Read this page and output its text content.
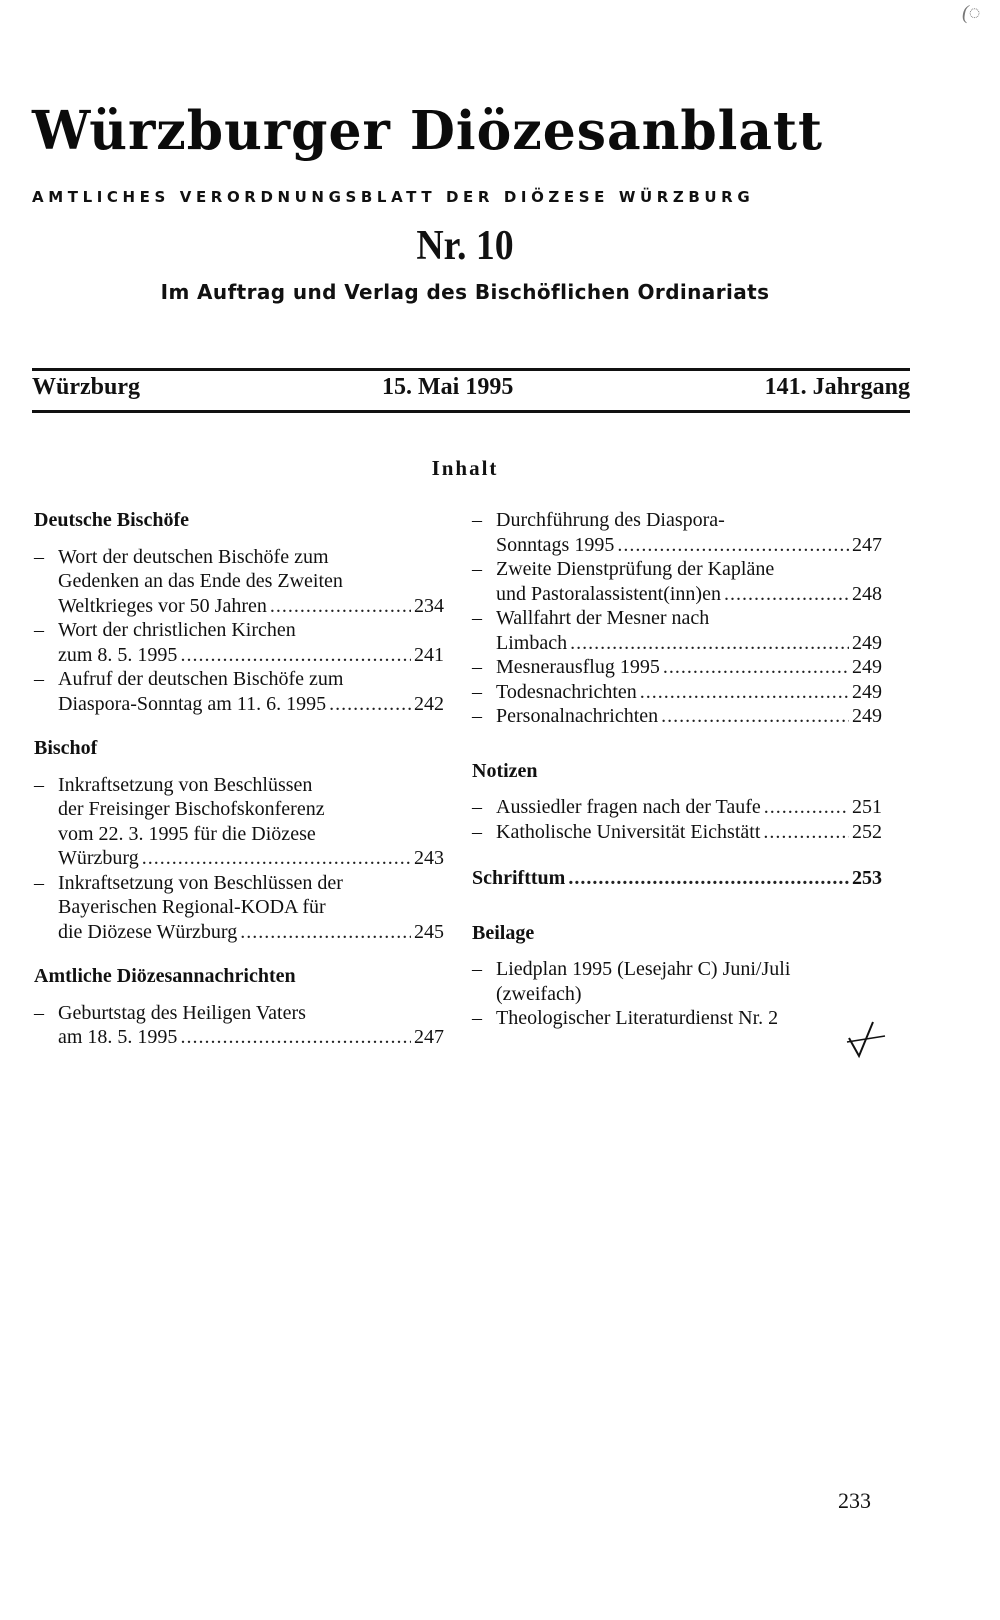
(◌
Würzburger Diözesanblatt
AMTLICHES VERORDNUNGSBLATT DER DIÖZESE WÜRZBURG
Nr. 10
Im Auftrag und Verlag des Bischöflichen Ordinariats
Würzburg	15. Mai 1995	141. Jahrgang
Inhalt
Deutsche Bischöfe
– Wort der deutschen Bischöfe zum
Gedenken an das Ende des Zweiten
Weltkrieges vor 50 Jahren .....	234
– Wort der christlichen Kirchen
zum 8. 5. 1995 .....	241
– Aufruf der deutschen Bischöfe zum
Diaspora-Sonntag am 11. 6. 1995 .....	242
Bischof
– Inkraftsetzung von Beschlüssen
der Freisinger Bischofskonferenz
vom 22. 3. 1995 für die Diözese
Würzburg .....	243
– Inkraftsetzung von Beschlüssen der
Bayerischen Regional-KODA für
die Diözese Würzburg .....	245
Amtliche Diözesannachrichten
– Geburtstag des Heiligen Vaters
am 18. 5. 1995 .....	247
– Durchführung des Diaspora-
Sonntags 1995 .....	247
– Zweite Dienstprüfung der Kapläne
und Pastoralassistent(inn)en .....	248
– Wallfahrt der Mesner nach
Limbach .....	249
– Mesnerausflug 1995 .....	249
– Todesnachrichten .....	249
– Personalnachrichten .....	249
Notizen
– Aussiedler fragen nach der Taufe .....	251
– Katholische Universität Eichstätt .....	252
Schrifttum .....	253
Beilage
– Liedplan 1995 (Lesejahr C) Juni/Juli
(zweifach)
– Theologischer Literaturdienst Nr. 2
233
